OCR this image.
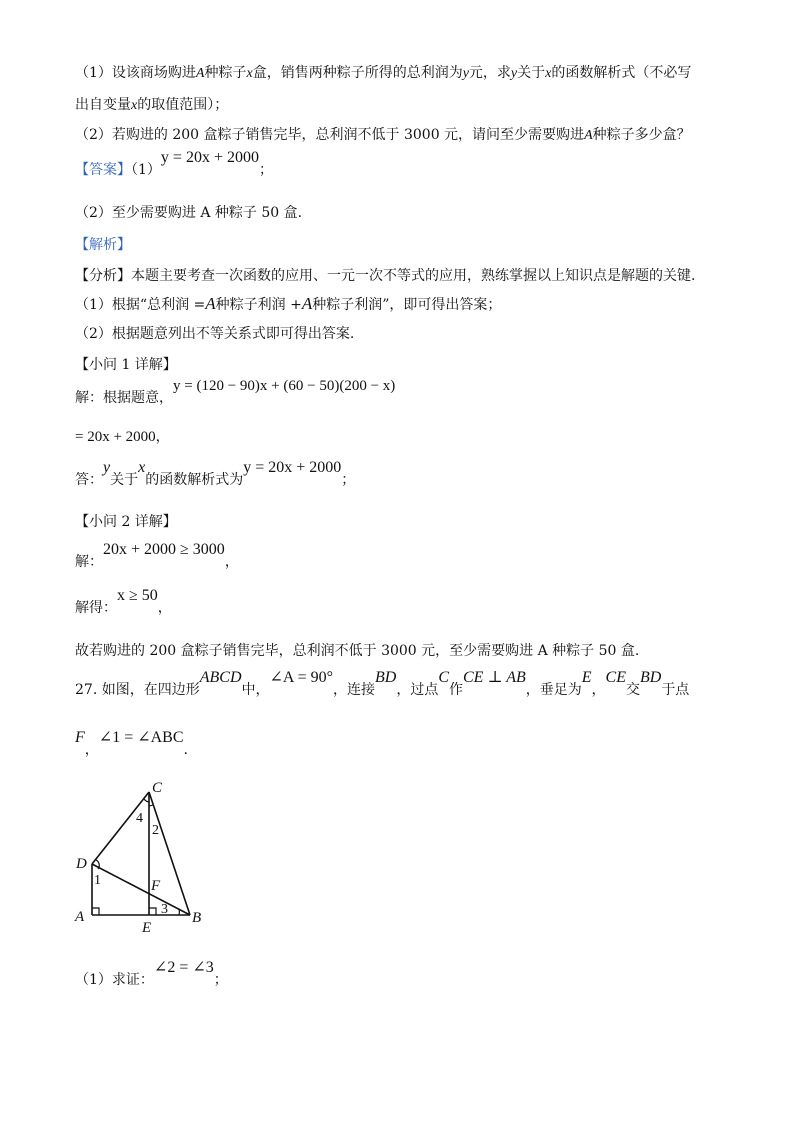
（1）设该商场购进A种粽子x盒，销售两种粽子所得的总利润为y元，求y关于x的函数解析式（不必写
出自变量x的取值范围）；
（2）若购进的 200 盒粽子销售完毕，总利润不低于 3000 元，请问至少需要购进A种粽子多少盒？
【答案】（1）y = 20x + 2000；
（2）至少需要购进 A 种粽子 50 盒.
【解析】
【分析】本题主要考查一次函数的应用、一元一次不等式的应用，熟练掌握以上知识点是解题的关键.
（1）根据“总利润 =A种粽子利润 +A种粽子利润”，即可得出答案；
（2）根据题意列出不等关系式即可得出答案.
【小问 1 详解】
解：根据题意，y = (120 − 90)x + (60 − 50)(200 − x)
= 20x + 2000，
答：y关于x的函数解析式为y = 20x + 2000；
【小问 2 详解】
解：20x + 2000 ≥ 3000，
解得：x ≥ 50，
故若购进的 200 盒粽子销售完毕，总利润不低于 3000 元，至少需要购进 A 种粽子 50 盒.
27. 如图，在四边形ABCD中，∠A = 90°，连接BD，过点C作CE ⊥ AB，垂足为E，CE交BD于点
F，∠1 = ∠ABC.
A	B
C
D
E
F
1
2
3
4
（1）求证：∠2 = ∠3；
